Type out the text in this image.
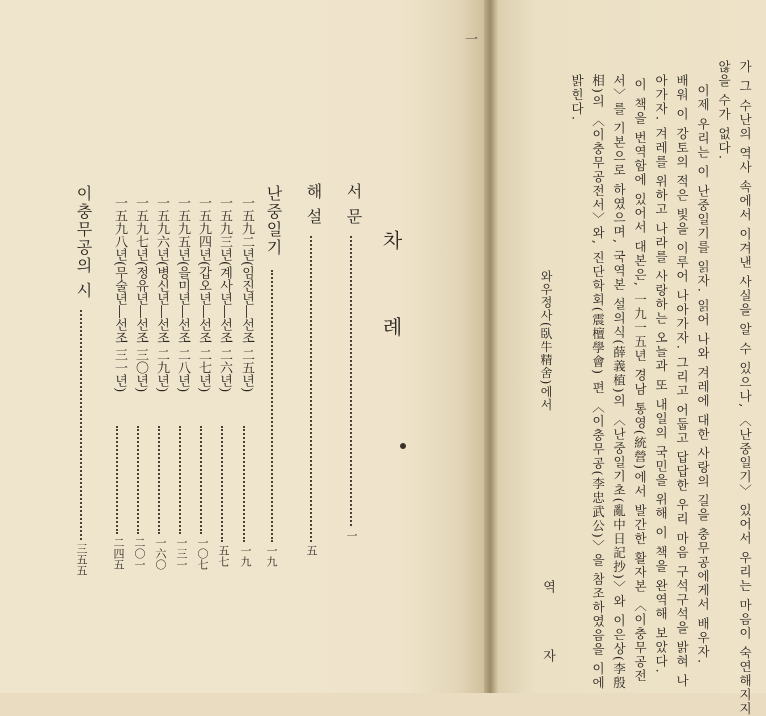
一
차 례
서 문
一
해 설
五
난중일기
一九
一五九二년(임진년―선조 二五년)
一九
一五九三년(계사년―선조 二六년)
五七
一五九四년(갑오년―선조 二七년)
一〇七
一五九五년(을미년―선조 二八년)
一三一
一五九六년(병신년―선조 二九년)
一六〇
一五九七년(정유년―선조 三〇년)
二〇一
一五九八년(무술년―선조 三一년)
二四五
이충무공의 시
三五五	가 그 수난의 역사 속에서 이겨낸 사실을 알 수 있으나, 〈난중일기〉 있어서 우리는 마음이 숙연해지지
않을 수가 없다.
이제 우리는 이 난중일기를 읽자. 읽어 나와 겨레에 대한 사랑의 길을 충무공에게서 배우자.
배워 이 강토의 적은 빛을 이루어 나아가자. 그리고 어둡고 답답한 우리 마음 구석구석을 밝혀 나
아가자. 겨레를 위하고 나라를 사랑하는 오늘과 또 내일의 국민을 위해 이 책을 완역해 보았다.
이 책을 번역함에 있어서 대본은, 一九一五년 경남 통영(統營)에서 발간한 활자본 〈이충무공전
서〉를 기본으로 하였으며, 국역본 설의식(薛義植)의 〈난중일기초(亂中日記抄)〉와 이은상(李殷
相)의 〈이충무공전서〉와, 진단학회(震檀學會) 편 〈이충무공(李忠武公)〉을 참조하였음을 이에
밝힌다.
와우정사(臥牛精舍)에서
역 자
